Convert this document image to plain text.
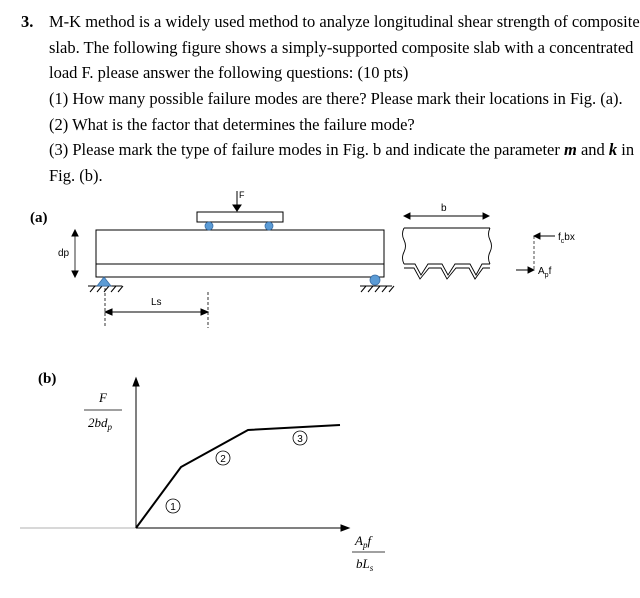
3. M-K method is a widely used method to analyze longitudinal shear strength of composite
slab. The following figure shows a simply-supported composite slab with a concentrated
load F. please answer the following questions: (10 pts)
(1) How many possible failure modes are there? Please mark their locations in Fig. (a).
(2) What is the factor that determines the failure mode?
(3) Please mark the type of failure modes in Fig. b and indicate the parameter m and k in
Fig. (b).
(a)
(b)
F
dp
Ls
b
$f_cbx$
$A_pf$
1
2
3
F
$2bd_p$
$A_pf$
$bL_s$
